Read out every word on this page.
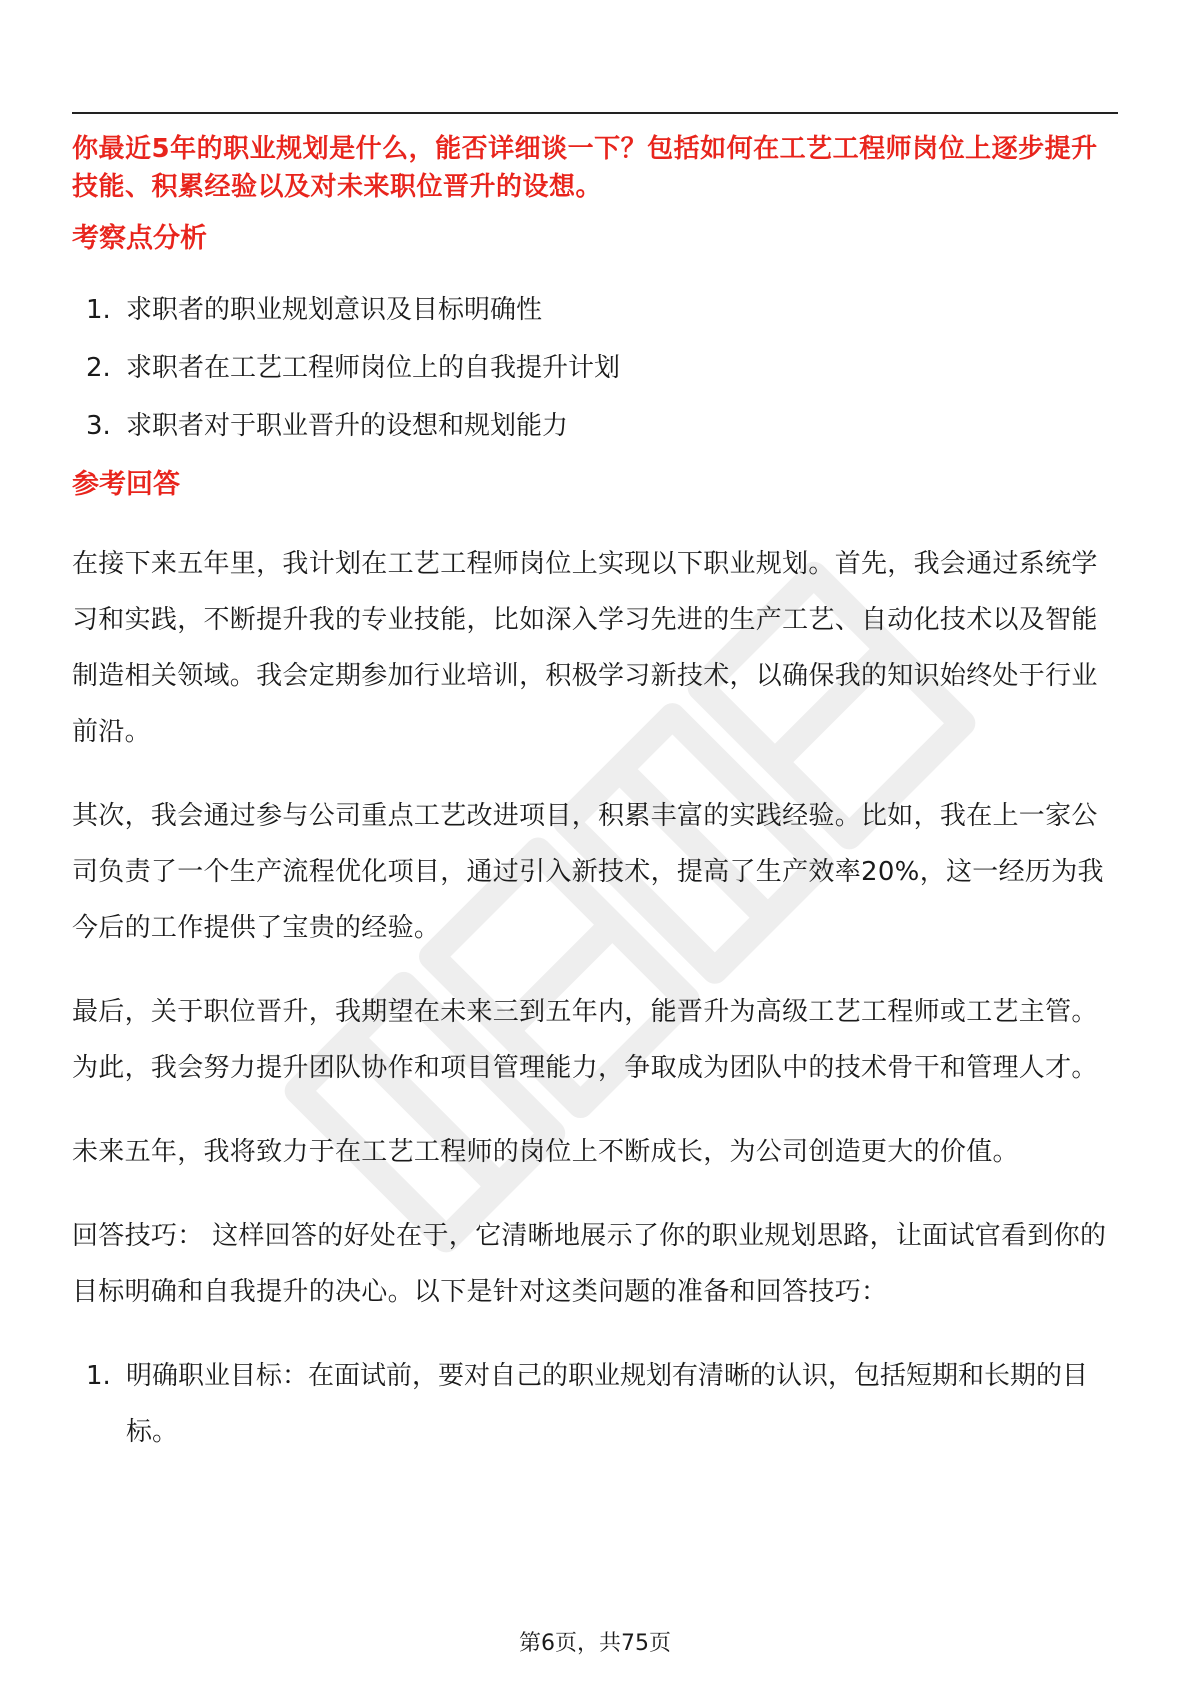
你最近5年的职业规划是什么，能否详细谈一下？包括如何在工艺工程师岗位上逐步提升技能、积累经验以及对未来职位晋升的设想。

考察点分析
1. 求职者的职业规划意识及目标明确性
2. 求职者在工艺工程师岗位上的自我提升计划
3. 求职者对于职业晋升的设想和规划能力
参考回答

在接下来五年里，我计划在工艺工程师岗位上实现以下职业规划。首先，我会通过系统学习和实践，不断提升我的专业技能，比如深入学习先进的生产工艺、自动化技术以及智能制造相关领域。我会定期参加行业培训，积极学习新技术，以确保我的知识始终处于行业前沿。

其次，我会通过参与公司重点工艺改进项目，积累丰富的实践经验。比如，我在上一家公司负责了一个生产流程优化项目，通过引入新技术，提高了生产效率20%，这一经历为我今后的工作提供了宝贵的经验。

最后，关于职位晋升，我期望在未来三到五年内，能晋升为高级工艺工程师或工艺主管。为此，我会努力提升团队协作和项目管理能力，争取成为团队中的技术骨干和管理人才。

未来五年，我将致力于在工艺工程师的岗位上不断成长，为公司创造更大的价值。

回答技巧： 这样回答的好处在于，它清晰地展示了你的职业规划思路，让面试官看到你的目标明确和自我提升的决心。以下是针对这类问题的准备和回答技巧：

1. 明确职业目标：在面试前，要对自己的职业规划有清晰的认识，包括短期和长期的目标。
第6页，共75页
